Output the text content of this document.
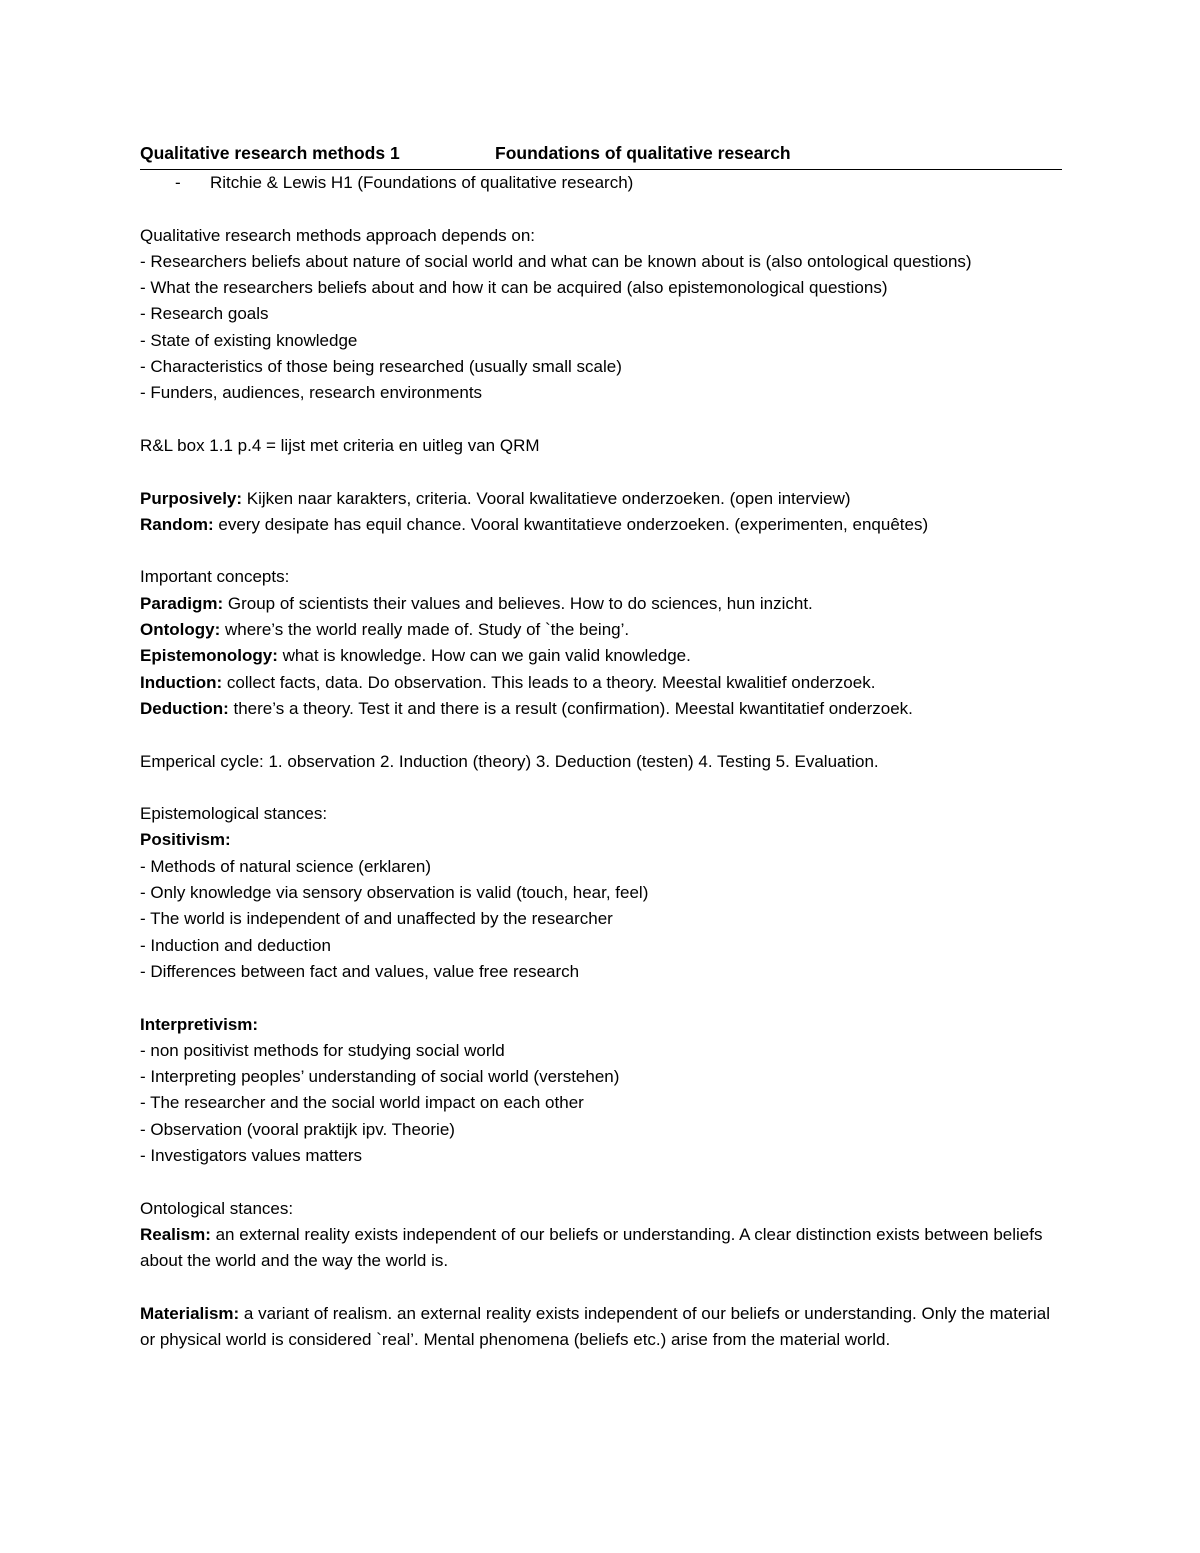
Qualitative research methods 1	Foundations of qualitative research

- Ritchie & Lewis H1 (Foundations of qualitative research)

Qualitative research methods approach depends on:

- Researchers beliefs about nature of social world and what can be known about is (also ontological questions)

- What the researchers beliefs about and how it can be acquired (also epistemonological questions)

- Research goals

- State of existing knowledge

- Characteristics of those being researched (usually small scale)

- Funders, audiences, research environments

R&L box 1.1 p.4 = lijst met criteria en uitleg van QRM

Purposively: Kijken naar karakters, criteria. Vooral kwalitatieve onderzoeken. (open interview)

Random: every desipate has equil chance. Vooral kwantitatieve onderzoeken. (experimenten, enquêtes)

Important concepts:

Paradigm: Group of scientists their values and believes. How to do sciences, hun inzicht.

Ontology: where’s the world really made of. Study of `the being’.

Epistemonology: what is knowledge. How can we gain valid knowledge.

Induction: collect facts, data. Do observation. This leads to a theory. Meestal kwalitief onderzoek.

Deduction: there’s a theory. Test it and there is a result (confirmation). Meestal kwantitatief onderzoek.

Emperical cycle: 1. observation 2. Induction (theory) 3. Deduction (testen) 4. Testing 5. Evaluation.

Epistemological stances:

Positivism:

- Methods of natural science (erklaren)

- Only knowledge via sensory observation is valid (touch, hear, feel)

- The world is independent of and unaffected by the researcher

- Induction and deduction

- Differences between fact and values, value free research

Interpretivism:

- non positivist methods for studying social world

- Interpreting peoples’ understanding of social world (verstehen)

- The researcher and the social world impact on each other

- Observation (vooral praktijk ipv. Theorie)

- Investigators values matters

Ontological stances:

Realism: an external reality exists independent of our beliefs or understanding. A clear distinction exists between beliefs about the world and the way the world is.

Materialism: a variant of realism. an external reality exists independent of our beliefs or understanding. Only the material or physical world is considered `real’. Mental phenomena (beliefs etc.) arise from the material world.
